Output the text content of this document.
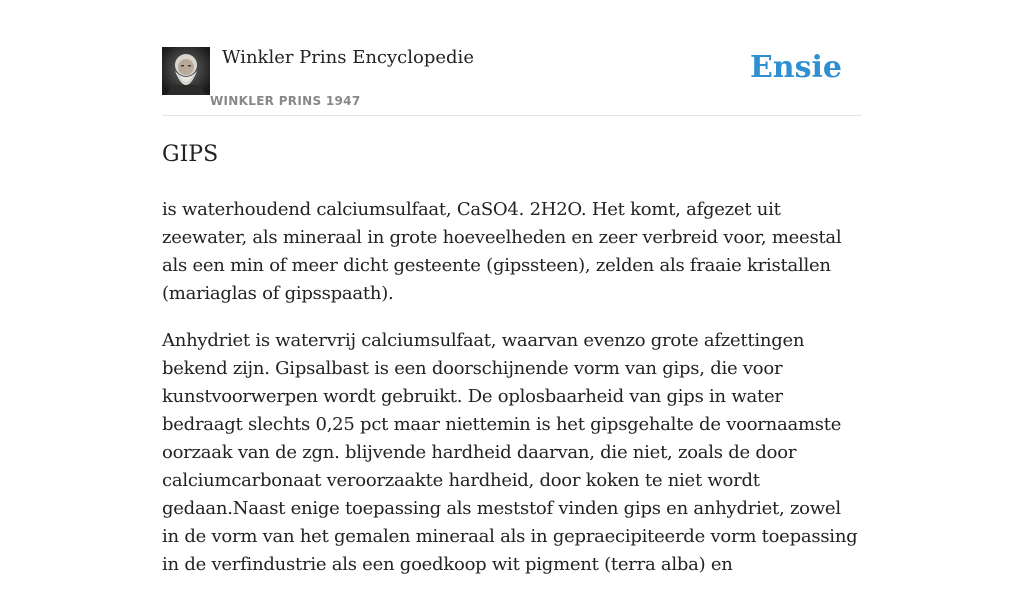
Winkler Prins Encyclopedie
WINKLER PRINS 1947
Ensie
GIPS

is waterhoudend calciumsulfaat, CaSO4. 2H2O. Het komt, afgezet uit zeewater, als mineraal in grote hoeveelheden en zeer verbreid voor, meestal als een min of meer dicht gesteente (gipssteen), zelden als fraaie kristallen (mariaglas of gipsspaath).

Anhydriet is watervrij calciumsulfaat, waarvan evenzo grote afzettingen bekend zijn. Gipsalbast is een doorschijnende vorm van gips, die voor kunstvoorwerpen wordt gebruikt. De oplosbaarheid van gips in water bedraagt slechts 0,25 pct maar niettemin is het gipsgehalte de voornaamste oorzaak van de zgn. blijvende hardheid daarvan, die niet, zoals de door calciumcarbonaat veroorzaakte hardheid, door koken te niet wordt gedaan.Naast enige toepassing als meststof vinden gips en anhydriet, zowel in de vorm van het gemalen mineraal als in gepraecipiteerde vorm toepassing in de verfindustrie als een goedkoop wit pigment (terra alba) en
